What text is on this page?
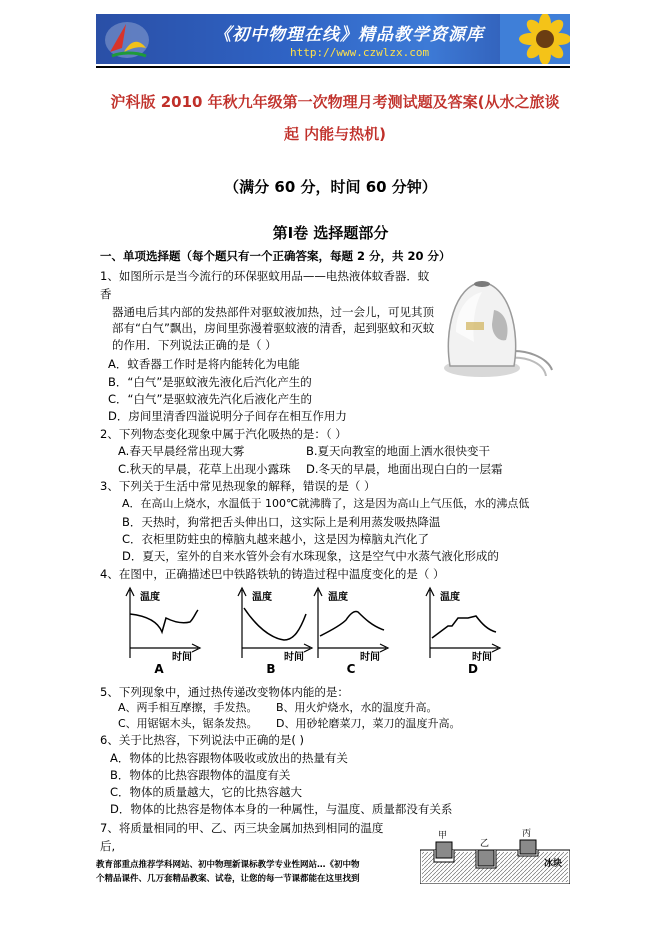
《初中物理在线》精品教学资源库
http://www.czwlzx.com
沪科版 2010 年秋九年级第一次物理月考测试题及答案(从水之旅谈
起 内能与热机)
（满分 60 分，时间 60 分钟）
第Ⅰ卷 选择题部分
一、单项选择题（每个题只有一个正确答案，每题 2 分，共 20 分）
1、如图所示是当今流行的环保驱蚊用品——电热液体蚊香器．蚊
香
器通电后其内部的发热部件对驱蚊液加热，过一会儿，可见其顶
部有“白气”飘出，房间里弥漫着驱蚊液的清香，起到驱蚊和灭蚊
的作用．下列说法正确的是（ ）
A．蚊香器工作时是将内能转化为电能
B．“白气”是驱蚊液先液化后汽化产生的
C．“白气”是驱蚊液先汽化后液化产生的
D．房间里清香四溢说明分子间存在相互作用力
2、下列物态变化现象中属于汽化吸热的是：（ ）
A.春天早晨经常出现大雾	B.夏天向教室的地面上洒水很快变干
C.秋天的早晨，花草上出现小露珠 D.冬天的早晨，地面出现白白的一层霜
3、下列关于生活中常见热现象的解释，错误的是（ ）
A．在高山上烧水，水温低于 100℃就沸腾了，这是因为高山上气压低，水的沸点低
B．天热时，狗常把舌头伸出口，这实际上是利用蒸发吸热降温
C．衣柜里防蛀虫的樟脑丸越来越小，这是因为樟脑丸汽化了
D．夏天，室外的自来水管外会有水珠现象，这是空气中水蒸气液化形成的
4、在图中，正确描述巴中铁路铁轨的铸造过程中温度变化的是（ ）
温度
时间
A
温度
时间
B
温度
时间
C
温度
时间
D
5、下列现象中，通过热传递改变物体内能的是：
A、两手相互摩擦，手发热。 B、用火炉烧水，水的温度升高。
C、用锯锯木头，锯条发热。 D、用砂轮磨菜刀，菜刀的温度升高。
6、关于比热容，下列说法中正确的是( )
A．物体的比热容跟物体吸收或放出的热量有关
B．物体的比热容跟物体的温度有关
C．物体的质量越大，它的比热容越大
D．物体的比热容是物体本身的一种属性，与温度、质量都没有关系
7、将质量相同的甲、乙、丙三块金属加热到相同的温度
后,
甲
乙
丙
冰块
教育部重点推荐学科网站、初中物理新课标教学专业性网站…《初中物
个精品课件、几万套精品教案、试卷，让您的每一节课都能在这里找到
